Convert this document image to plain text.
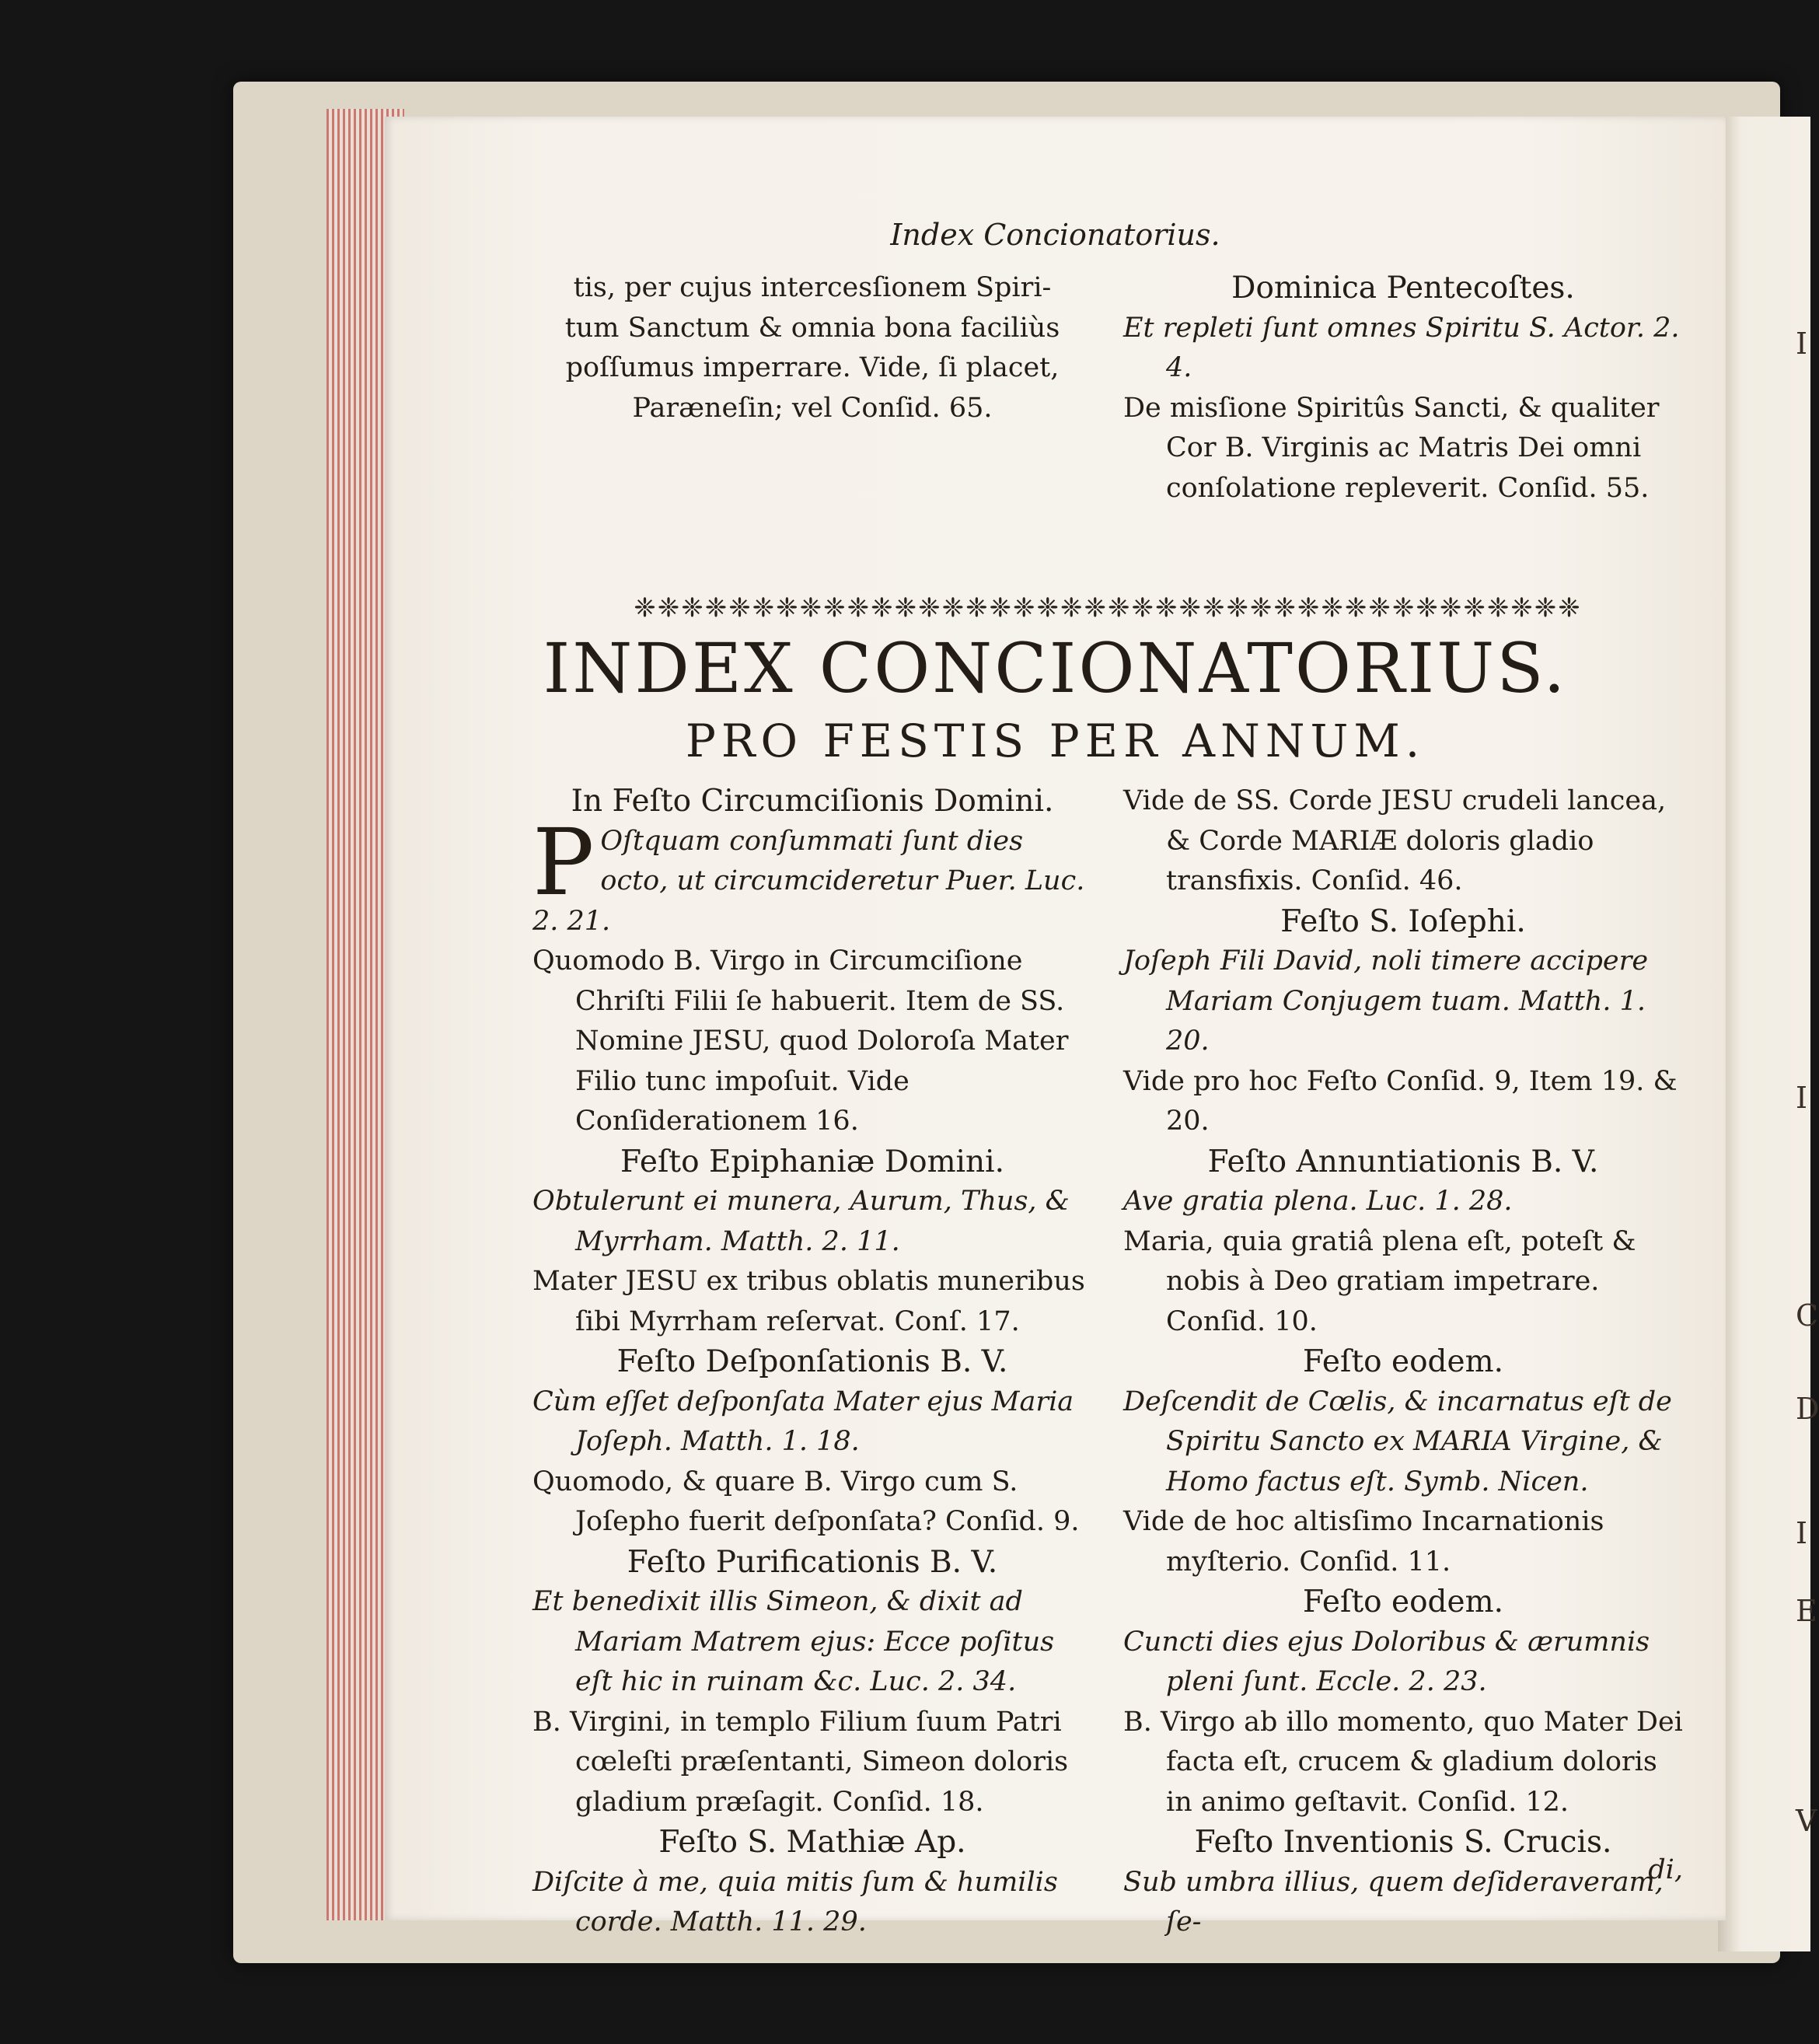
I
I
C
D
I
E
V
Index Concionatorius.

tis, per cujus intercesſionem Spiri-

tum Sanctum & omnia bona faciliùs

poſſumus imperrare. Vide, ſi placet,

Paræneſin; vel Conſid. 65.

Dominica Pentecoſtes.

Et repleti ſunt omnes Spiritu S. Actor. 2. 4.

De misſione Spiritûs Sancti, & qualiter Cor B. Virginis ac Matris Dei omni conſolatione repleverit. Conſid. 55.

❈❈❈❈❈❈❈❈❈❈❈❈❈❈❈❈❈❈❈❈❈❈❈❈❈❈❈❈❈❈❈❈❈❈❈❈❈❈❈❈
INDEX CONCIONATORIUS.
PRO FESTIS PER ANNUM.

In Feſto Circumciſionis Domini.

P Oſtquam conſummati ſunt dies octo, ut circumcideretur Puer. Luc. 2. 21.

Quomodo B. Virgo in Circumciſione Chriſti Filii ſe habuerit. Item de SS. Nomine JESU, quod Doloroſa Mater Filio tunc impoſuit. Vide Conſiderationem 16.

Feſto Epiphaniæ Domini.

Obtulerunt ei munera, Aurum, Thus, & Myrrham. Matth. 2. 11.

Mater JESU ex tribus oblatis muneribus ſibi Myrrham reſervat. Conſ. 17.

Feſto Deſponſationis B. V.

Cùm eſſet deſponſata Mater ejus Maria Joſeph. Matth. 1. 18.

Quomodo, & quare B. Virgo cum S. Joſepho fuerit deſponſata? Conſid. 9.

Feſto Purificationis B. V.

Et benedixit illis Simeon, & dixit ad Mariam Matrem ejus: Ecce poſitus eſt hic in ruinam &c. Luc. 2. 34.

B. Virgini, in templo Filium ſuum Patri cœleſti præſentanti, Simeon doloris gladium præſagit. Conſid. 18.

Feſto S. Mathiæ Ap.

Diſcite à me, quia mitis ſum & humilis corde. Matth. 11. 29.

Vide de SS. Corde JESU crudeli lancea, & Corde MARIÆ doloris gladio transfixis. Conſid. 46.

Feſto S. Ioſephi.

Joſeph Fili David, noli timere accipere Mariam Conjugem tuam. Matth. 1. 20.

Vide pro hoc Feſto Conſid. 9, Item 19. & 20.

Feſto Annuntiationis B. V.

Ave gratia plena. Luc. 1. 28.

Maria, quia gratiâ plena eſt, poteſt & nobis à Deo gratiam impetrare. Conſid. 10.

Feſto eodem.

Deſcendit de Cœlis, & incarnatus eſt de Spiritu Sancto ex MARIA Virgine, & Homo factus eſt. Symb. Nicen.

Vide de hoc altisſimo Incarnationis myſterio. Conſid. 11.

Feſto eodem.

Cuncti dies ejus Doloribus & ærumnis pleni ſunt. Eccle. 2. 23.

B. Virgo ab illo momento, quo Mater Dei facta eſt, crucem & gladium doloris in animo geſtavit. Conſid. 12.

Feſto Inventionis S. Crucis.

Sub umbra illius, quem deſideraveram, ſe-

di,
